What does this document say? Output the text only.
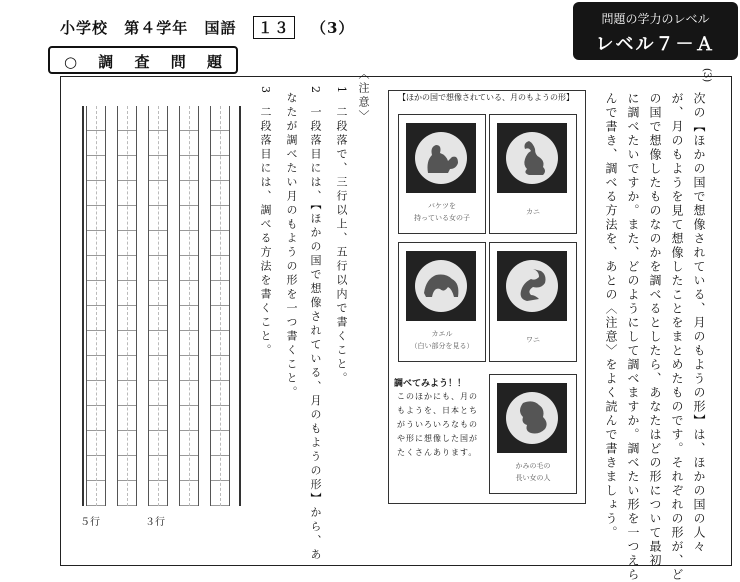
小学校 第４学年 国語 １３ （3）	問題の学力のレベル
レベル７－Ａ
○ 調 査 問 題
(3)
次の【ほかの国で想像されている、月のもようの形】は、ほかの国の人々
が、月のもようを見て想像したことをまとめたものです。それぞれの形が、ど
の国で想像したものなのかを調べるとしたら、あなたはどの形について最初
に調べたいですか。また、どのようにして調べますか。調べたい形を一つえら
んで書き、調べる方法を、あとの〈注意〉をよく読んで書きましょう。
【ほかの国で想像されている、月のもようの形】
バケツを
持っている女の子
カニ
カエル
（白い部分を見る）
ワニ
かみの毛の
長い女の人
調べてみよう！！
このほかにも、月のもようを、日本とちがういろいろなものや形に想像した国がたくさんあります。
〈注意〉
1
二段落で、三行以上、五行以内で書くこと。
2
一段落目には、【ほかの国で想像されている、月のもようの形】から、あ
なたが調べたい月のもようの形を一つ書くこと。
3
二段落目には、調べる方法を書くこと。
５行	３行
